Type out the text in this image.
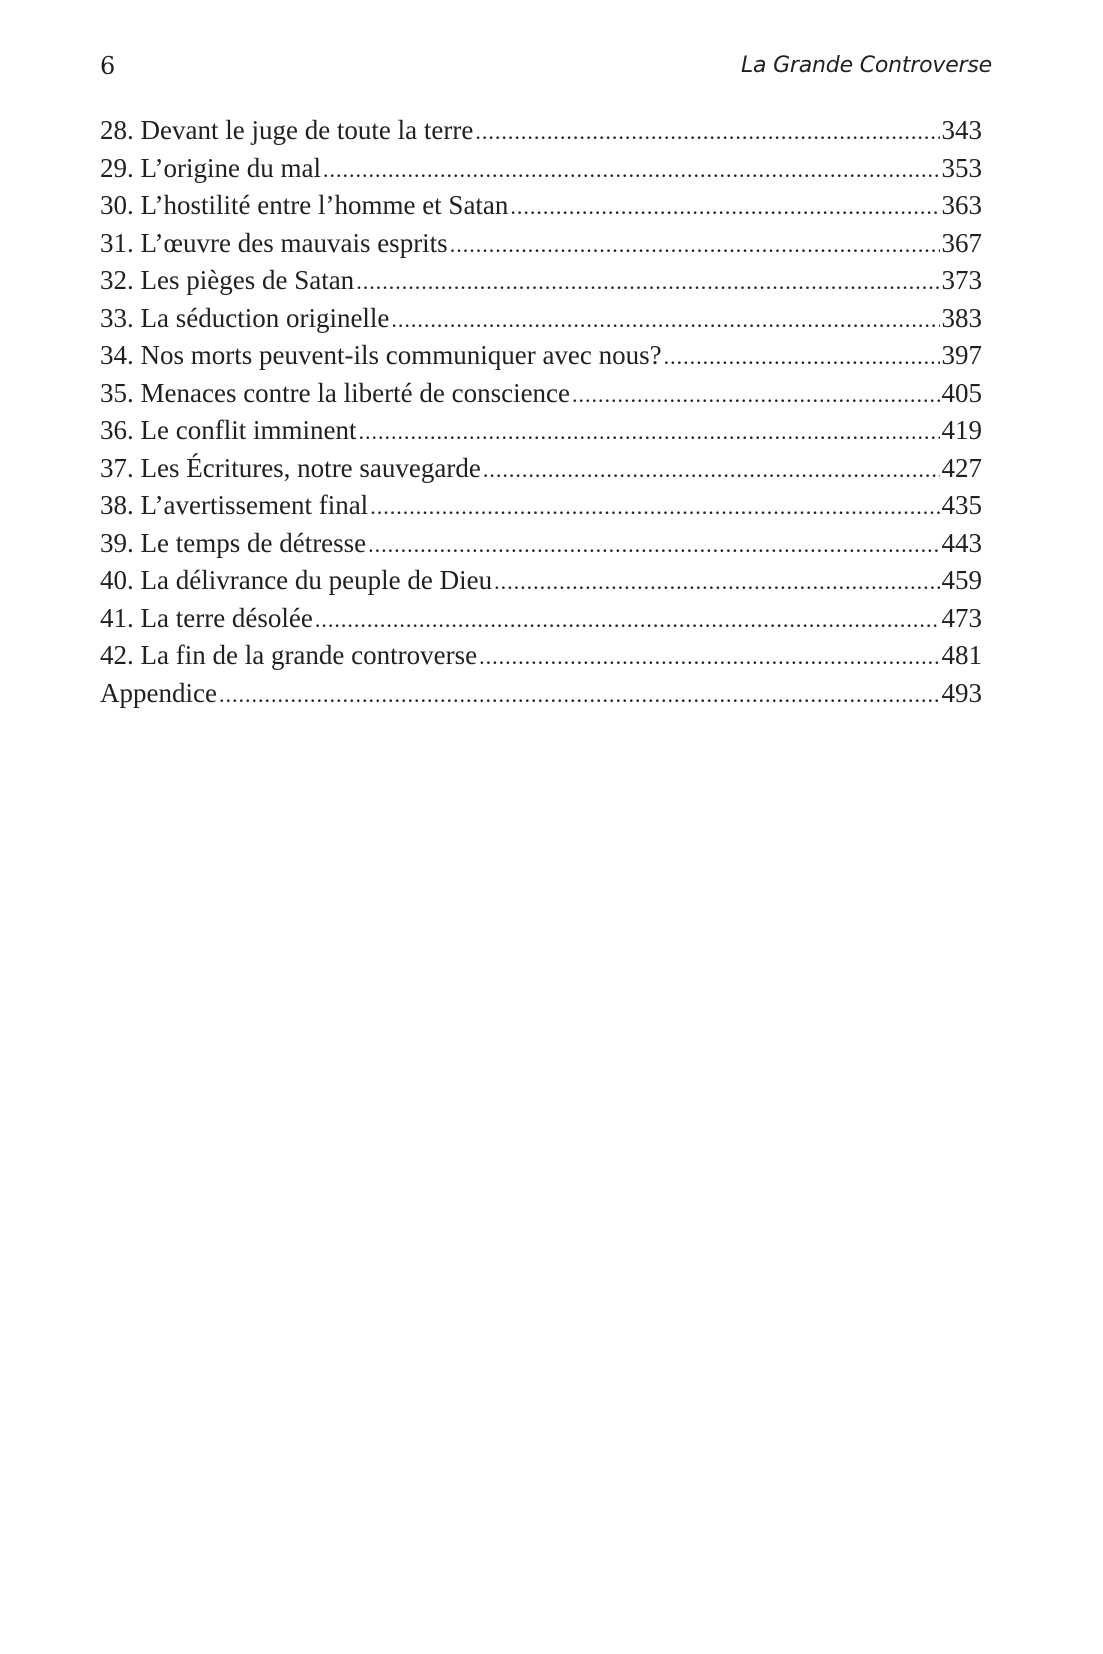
6	La Grande Controverse
28. Devant le juge de toute la terre .....	343
29. L’origine du mal .....	353
30. L’hostilité entre l’homme et Satan .....	363
31. L’œuvre des mauvais esprits .....	367
32. Les pièges de Satan .....	373
33. La séduction originelle .....	383
34. Nos morts peuvent-ils communiquer avec nous? .....	397
35. Menaces contre la liberté de conscience .....	405
36. Le conflit imminent .....	419
37. Les Écritures, notre sauvegarde .....	427
38. L’avertissement final .....	435
39. Le temps de détresse .....	443
40. La délivrance du peuple de Dieu .....	459
41. La terre désolée .....	473
42. La fin de la grande controverse .....	481
Appendice .....	493
